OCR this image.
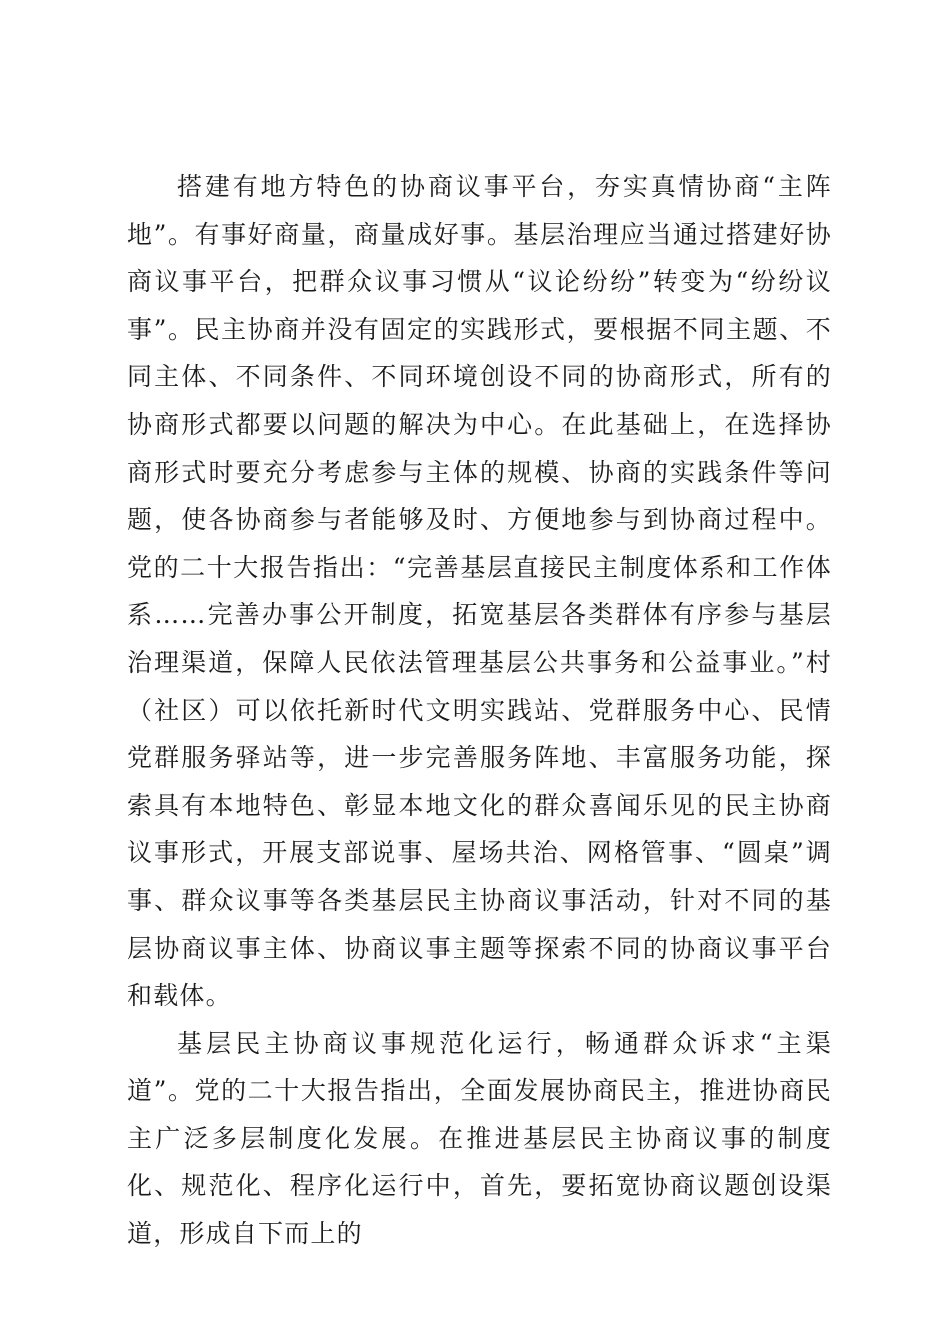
搭建有地方特色的协商议事平台，夯实真情协商“主阵地”。有事好商量，商量成好事。基层治理应当通过搭建好协商议事平台，把群众议事习惯从“议论纷纷”转变为“纷纷议事”。民主协商并没有固定的实践形式，要根据不同主题、不同主体、不同条件、不同环境创设不同的协商形式，所有的协商形式都要以问题的解决为中心。在此基础上，在选择协商形式时要充分考虑参与主体的规模、协商的实践条件等问题，使各协商参与者能够及时、方便地参与到协商过程中。党的二十大报告指出：“完善基层直接民主制度体系和工作体系……完善办事公开制度，拓宽基层各类群体有序参与基层治理渠道，保障人民依法管理基层公共事务和公益事业。”村（社区）可以依托新时代文明实践站、党群服务中心、民情党群服务驿站等，进一步完善服务阵地、丰富服务功能，探索具有本地特色、彰显本地文化的群众喜闻乐见的民主协商议事形式，开展支部说事、屋场共治、网格管事、“圆桌”调事、群众议事等各类基层民主协商议事活动，针对不同的基层协商议事主体、协商议事主题等探索不同的协商议事平台和载体。

基层民主协商议事规范化运行，畅通群众诉求“主渠道”。党的二十大报告指出，全面发展协商民主，推进协商民主广泛多层制度化发展。在推进基层民主协商议事的制度化、规范化、程序化运行中，首先，要拓宽协商议题创设渠道，形成自下而上的
